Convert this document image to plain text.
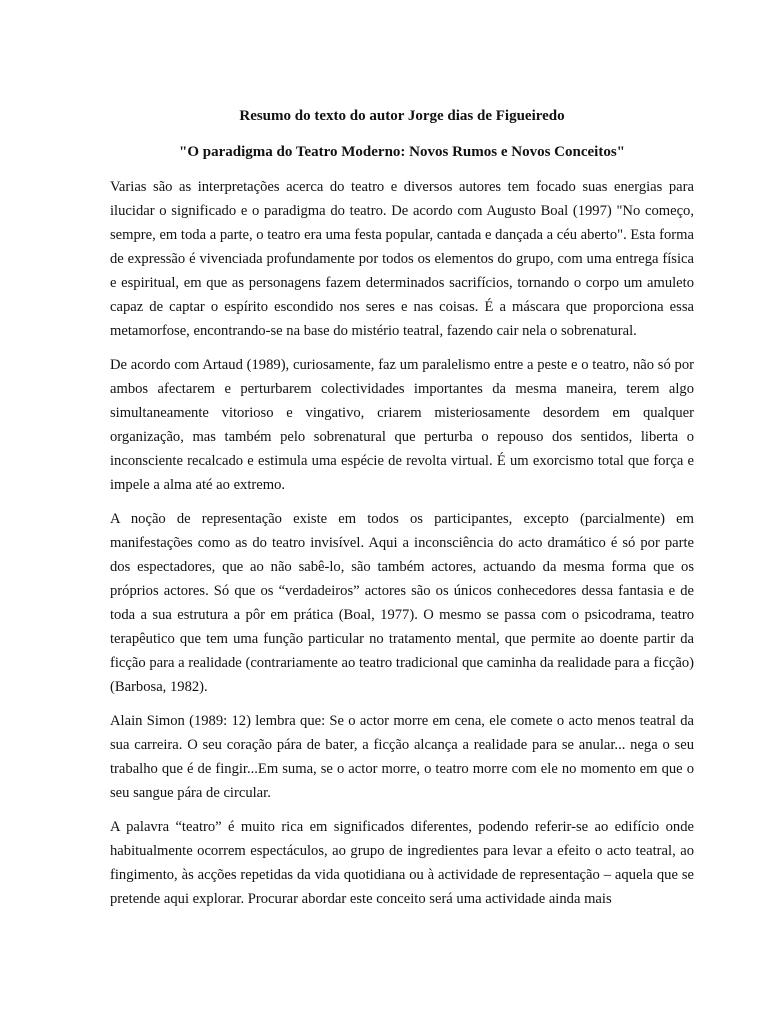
Resumo do texto do autor Jorge dias de Figueiredo
"O paradigma do Teatro Moderno: Novos Rumos e Novos Conceitos"

Varias são as interpretações acerca do teatro e diversos autores tem focado suas energias para ilucidar o significado e o paradigma do teatro. De acordo com Augusto Boal (1997) "No começo, sempre, em toda a parte, o teatro era uma festa popular, cantada e dançada a céu aberto". Esta forma de expressão é vivenciada profundamente por todos os elementos do grupo, com uma entrega física e espiritual, em que as personagens fazem determinados sacrifícios, tornando o corpo um amuleto capaz de captar o espírito escondido nos seres e nas coisas. É a máscara que proporciona essa metamorfose, encontrando-se na base do mistério teatral, fazendo cair nela o sobrenatural.

De acordo com Artaud (1989), curiosamente, faz um paralelismo entre a peste e o teatro, não só por ambos afectarem e perturbarem colectividades importantes da mesma maneira, terem algo simultaneamente vitorioso e vingativo, criarem misteriosamente desordem em qualquer organização, mas também pelo sobrenatural que perturba o repouso dos sentidos, liberta o inconsciente recalcado e estimula uma espécie de revolta virtual. É um exorcismo total que força e impele a alma até ao extremo.

A noção de representação existe em todos os participantes, excepto (parcialmente) em manifestações como as do teatro invisível. Aqui a inconsciência do acto dramático é só por parte dos espectadores, que ao não sabê-lo, são também actores, actuando da mesma forma que os próprios actores. Só que os “verdadeiros” actores são os únicos conhecedores dessa fantasia e de toda a sua estrutura a pôr em prática (Boal, 1977). O mesmo se passa com o psicodrama, teatro terapêutico que tem uma função particular no tratamento mental, que permite ao doente partir da ficção para a realidade (contrariamente ao teatro tradicional que caminha da realidade para a ficção) (Barbosa, 1982).

Alain Simon (1989: 12) lembra que: Se o actor morre em cena, ele comete o acto menos teatral da sua carreira. O seu coração pára de bater, a ficção alcança a realidade para se anular... nega o seu trabalho que é de fingir...Em suma, se o actor morre, o teatro morre com ele no momento em que o seu sangue pára de circular.

A palavra “teatro” é muito rica em significados diferentes, podendo referir-se ao edifício onde habitualmente ocorrem espectáculos, ao grupo de ingredientes para levar a efeito o acto teatral, ao fingimento, às acções repetidas da vida quotidiana ou à actividade de representação – aquela que se pretende aqui explorar. Procurar abordar este conceito será uma actividade ainda mais
